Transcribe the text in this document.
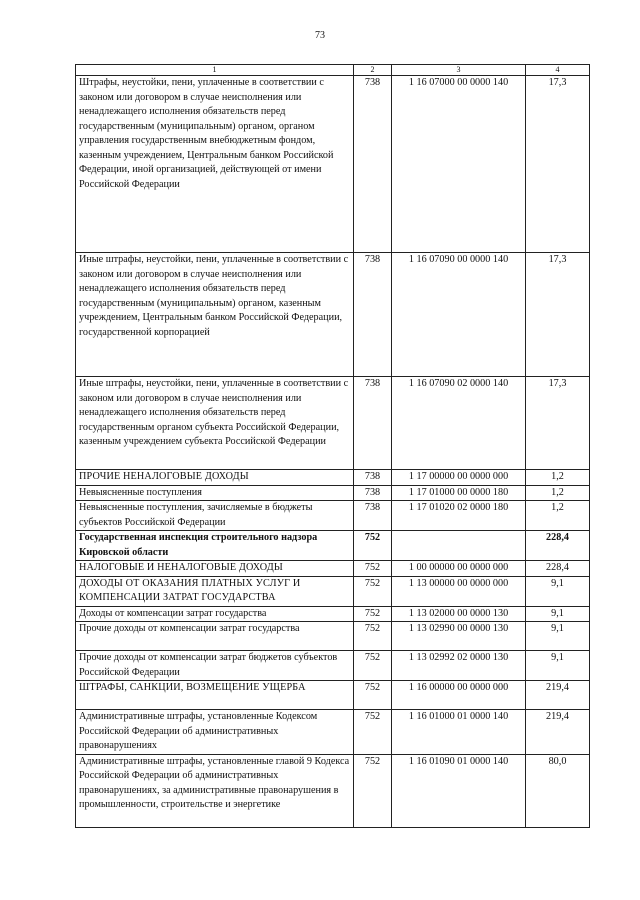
73
1	2	3	4
Штрафы, неустойки, пени, уплаченные в соответствии с законом или договором в случае неисполнения или ненадлежащего исполнения обязательств перед государственным (муниципальным) органом, органом управления государственным внебюджетным фондом, казенным учреждением, Центральным банком Российской Федерации, иной организацией, действующей от имени Российской Федерации	738	1 16 07000 00 0000 140	17,3
Иные штрафы, неустойки, пени, уплаченные в соответствии с законом или договором в случае неисполнения или ненадлежащего исполнения обязательств перед государственным (муниципальным) органом, казенным учреждением, Центральным банком Российской Федерации, государственной корпорацией	738	1 16 07090 00 0000 140	17,3
Иные штрафы, неустойки, пени, уплаченные в соответствии с законом или договором в случае неисполнения или ненадлежащего исполнения обязательств перед государственным органом субъекта Российской Федерации, казенным учреждением субъекта Российской Федерации	738	1 16 07090 02 0000 140	17,3
ПРОЧИЕ НЕНАЛОГОВЫЕ ДОХОДЫ	738	1 17 00000 00 0000 000	1,2
Невыясненные поступления	738	1 17 01000 00 0000 180	1,2
Невыясненные поступления, зачисляемые в бюджеты субъектов Российской Федерации	738	1 17 01020 02 0000 180	1,2
Государственная инспекция строительного надзора Кировской области	752		228,4
НАЛОГОВЫЕ И НЕНАЛОГОВЫЕ ДОХОДЫ	752	1 00 00000 00 0000 000	228,4
ДОХОДЫ ОТ ОКАЗАНИЯ ПЛАТНЫХ УСЛУГ И КОМПЕНСАЦИИ ЗАТРАТ ГОСУДАРСТВА	752	1 13 00000 00 0000 000	9,1
Доходы от компенсации затрат государства	752	1 13 02000 00 0000 130	9,1
Прочие доходы от компенсации затрат государства	752	1 13 02990 00 0000 130	9,1
Прочие доходы от компенсации затрат бюджетов субъектов Российской Федерации	752	1 13 02992 02 0000 130	9,1
ШТРАФЫ, САНКЦИИ, ВОЗМЕЩЕНИЕ УЩЕРБА	752	1 16 00000 00 0000 000	219,4
Административные штрафы, установленные Кодексом Российской Федерации об административных правонарушениях	752	1 16 01000 01 0000 140	219,4
Административные штрафы, установленные главой 9 Кодекса Российской Федерации об административных правонарушениях, за административные правонарушения в промышленности, строительстве и энергетике	752	1 16 01090 01 0000 140	80,0
